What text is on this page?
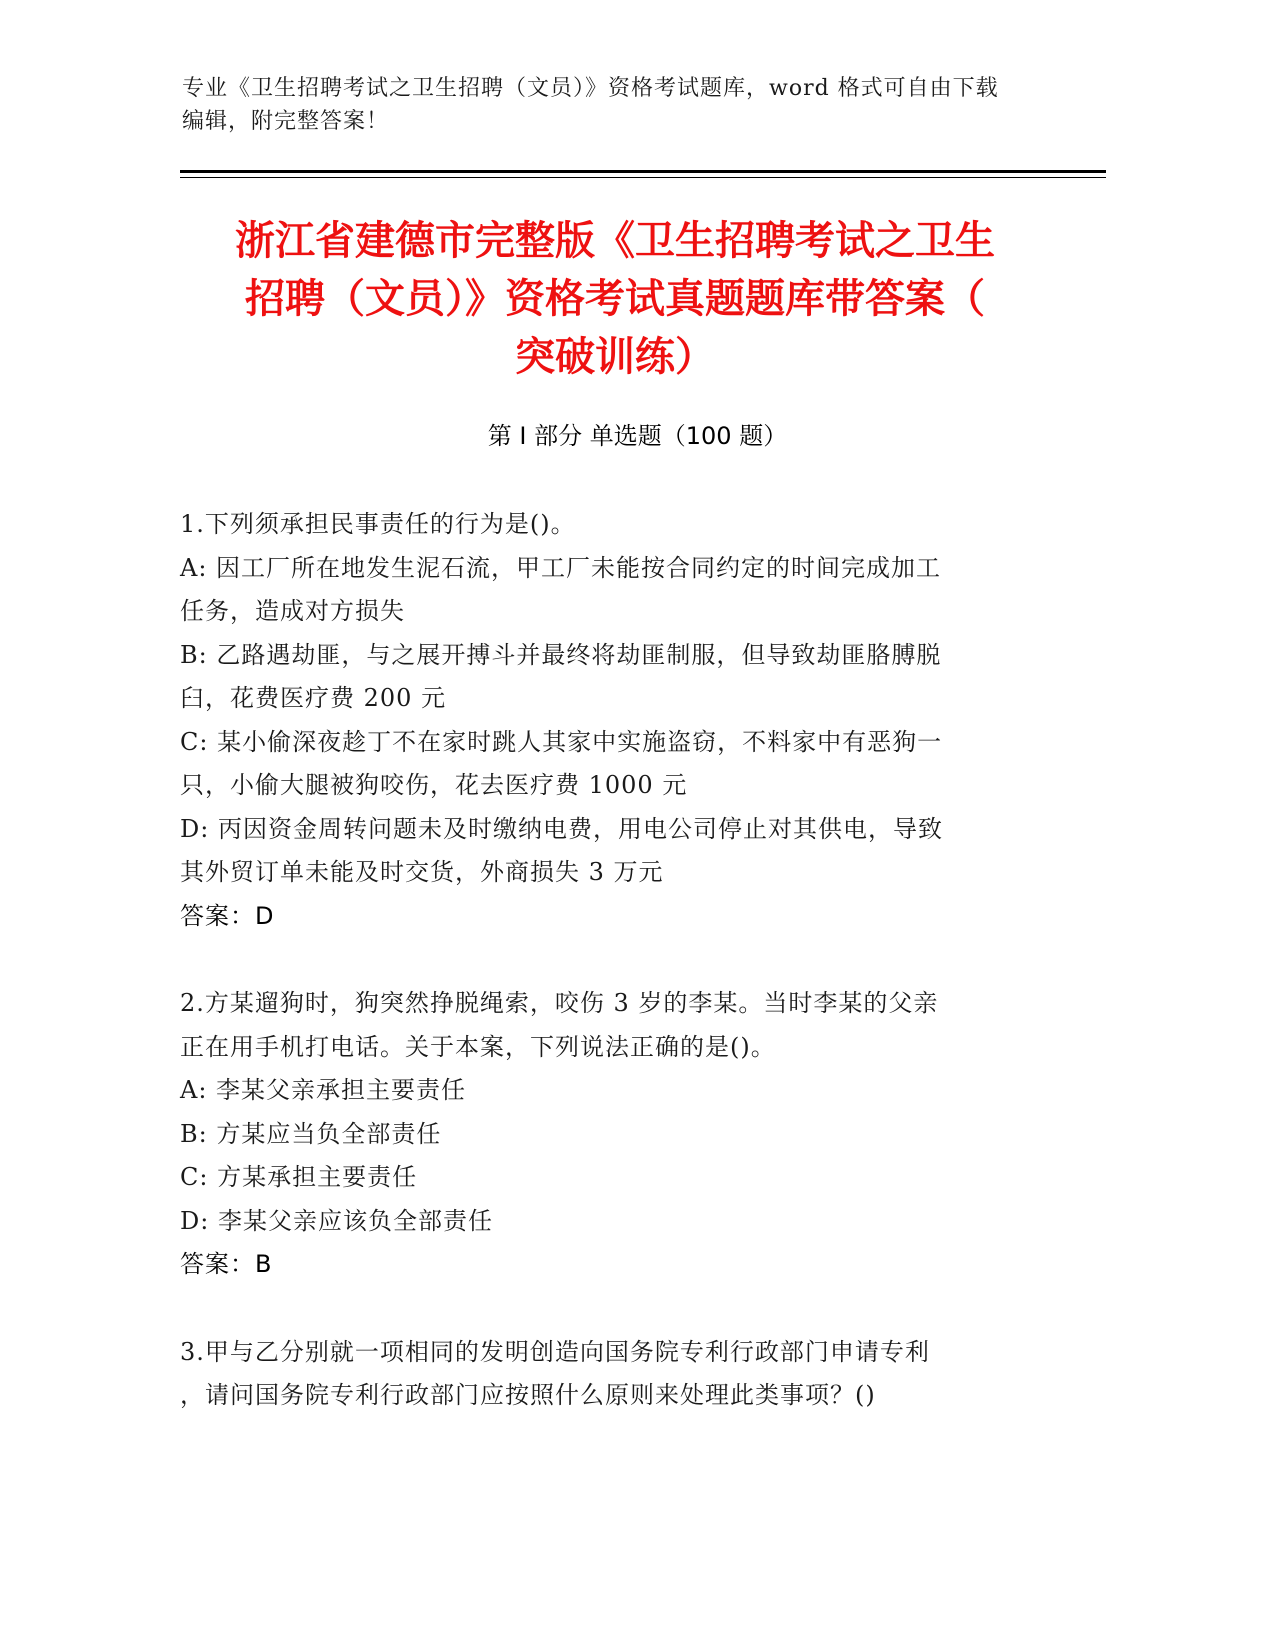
专业《卫生招聘考试之卫生招聘（文员）》资格考试题库，word 格式可自由下载
编辑，附完整答案！
浙江省建德市完整版《卫生招聘考试之卫生
招聘（文员）》资格考试真题题库带答案（
突破训练）
第 I 部分 单选题（100 题）

1.下列须承担民事责任的行为是()。

A: 因工厂所在地发生泥石流，甲工厂未能按合同约定的时间完成加工

任务，造成对方损失

B: 乙路遇劫匪，与之展开搏斗并最终将劫匪制服，但导致劫匪胳膊脱

臼，花费医疗费 200 元

C: 某小偷深夜趁丁不在家时跳人其家中实施盗窃，不料家中有恶狗一

只，小偷大腿被狗咬伤，花去医疗费 1000 元

D: 丙因资金周转问题未及时缴纳电费，用电公司停止对其供电，导致

其外贸订单未能及时交货，外商损失 3 万元

答案：D

2.方某遛狗时，狗突然挣脱绳索，咬伤 3 岁的李某。当时李某的父亲

正在用手机打电话。关于本案，下列说法正确的是()。

A: 李某父亲承担主要责任

B: 方某应当负全部责任

C: 方某承担主要责任

D: 李某父亲应该负全部责任

答案：B

3.甲与乙分别就一项相同的发明创造向国务院专利行政部门申请专利

，请问国务院专利行政部门应按照什么原则来处理此类事项？()
